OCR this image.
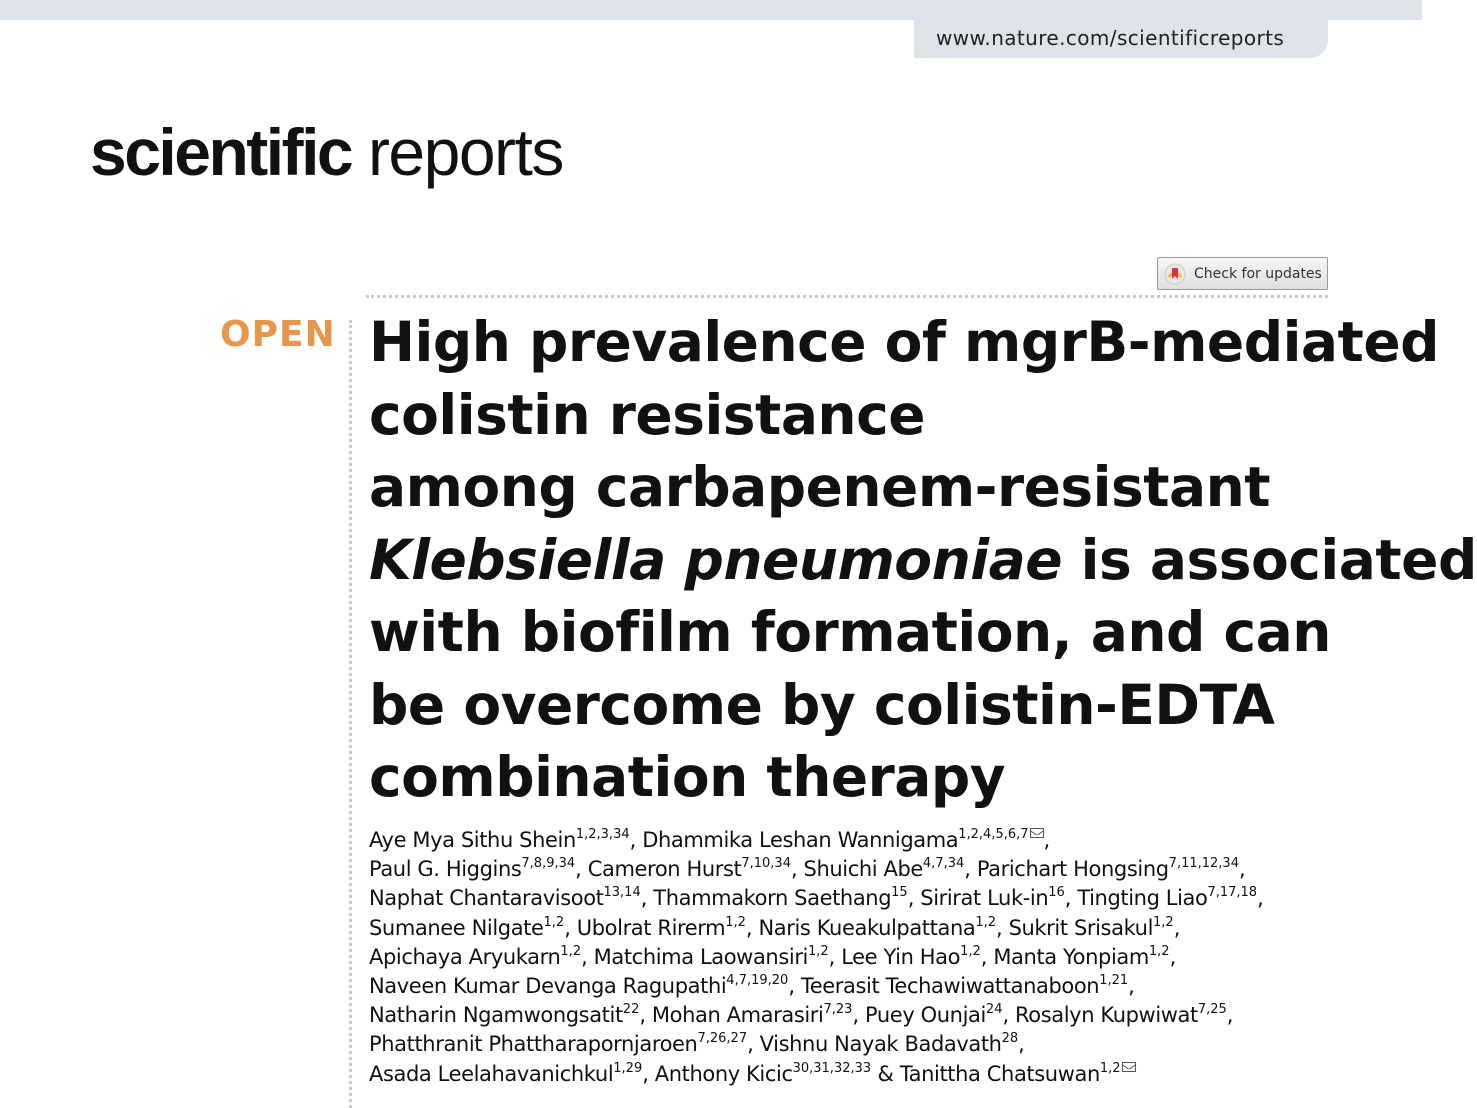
www.nature.com/scientificreports
scientific reports
Check for updates
OPEN High prevalence of mgrB-mediated
colistin resistance
among carbapenem-resistant
Klebsiella pneumoniae is associated
with biofilm formation, and can
be overcome by colistin-EDTA
combination therapy
Aye Mya Sithu Shein$^{1,2,3,34}$, Dhammika Leshan Wannigama$^{1,2,4,5,6,7}$ ,
Paul G. Higgins$^{7,8,9,34}$, Cameron Hurst$^{7,10,34}$, Shuichi Abe$^{4,7,34}$, Parichart Hongsing$^{7,11,12,34}$,
Naphat Chantaravisoot$^{13,14}$, Thammakorn Saethang$^{15}$, Sirirat Luk-$in^{16}$, Tingting Liao$^{7,17,18}$,
Sumanee Nilgate$^{1,2}$, Ubolrat Rirerm$^{1,2}$, Naris Kueakulpattana$^{1,2}$, Sukrit Srisakul$^{1,2}$,
Apichaya Aryukarn$^{1,2}$, Matchima Laowansiri$^{1,2}$, Lee Yin Hao$^{1,2}$, Manta Yonpiam$^{1,2}$,
Naveen Kumar Devanga Ragupathi$^{4,7,19,20}$, Teerasit Techawiwattanaboon$^{1,21}$,
Natharin Ngamwongsatit$^{22}$, Mohan Amarasiri$^{7,23}$, Puey Ounjai$^{24}$, Rosalyn Kupwiwat$^{7,25}$,
Phatthranit Phattharapornjaroen$^{7,26,27}$, Vishnu Nayak Badavath$^{28}$,
Asada Leelahavanichkul$^{1,29}$, Anthony Kicic$^{30,31,32,33}$ & Tanittha Chatsuwan$^{1,2}$
